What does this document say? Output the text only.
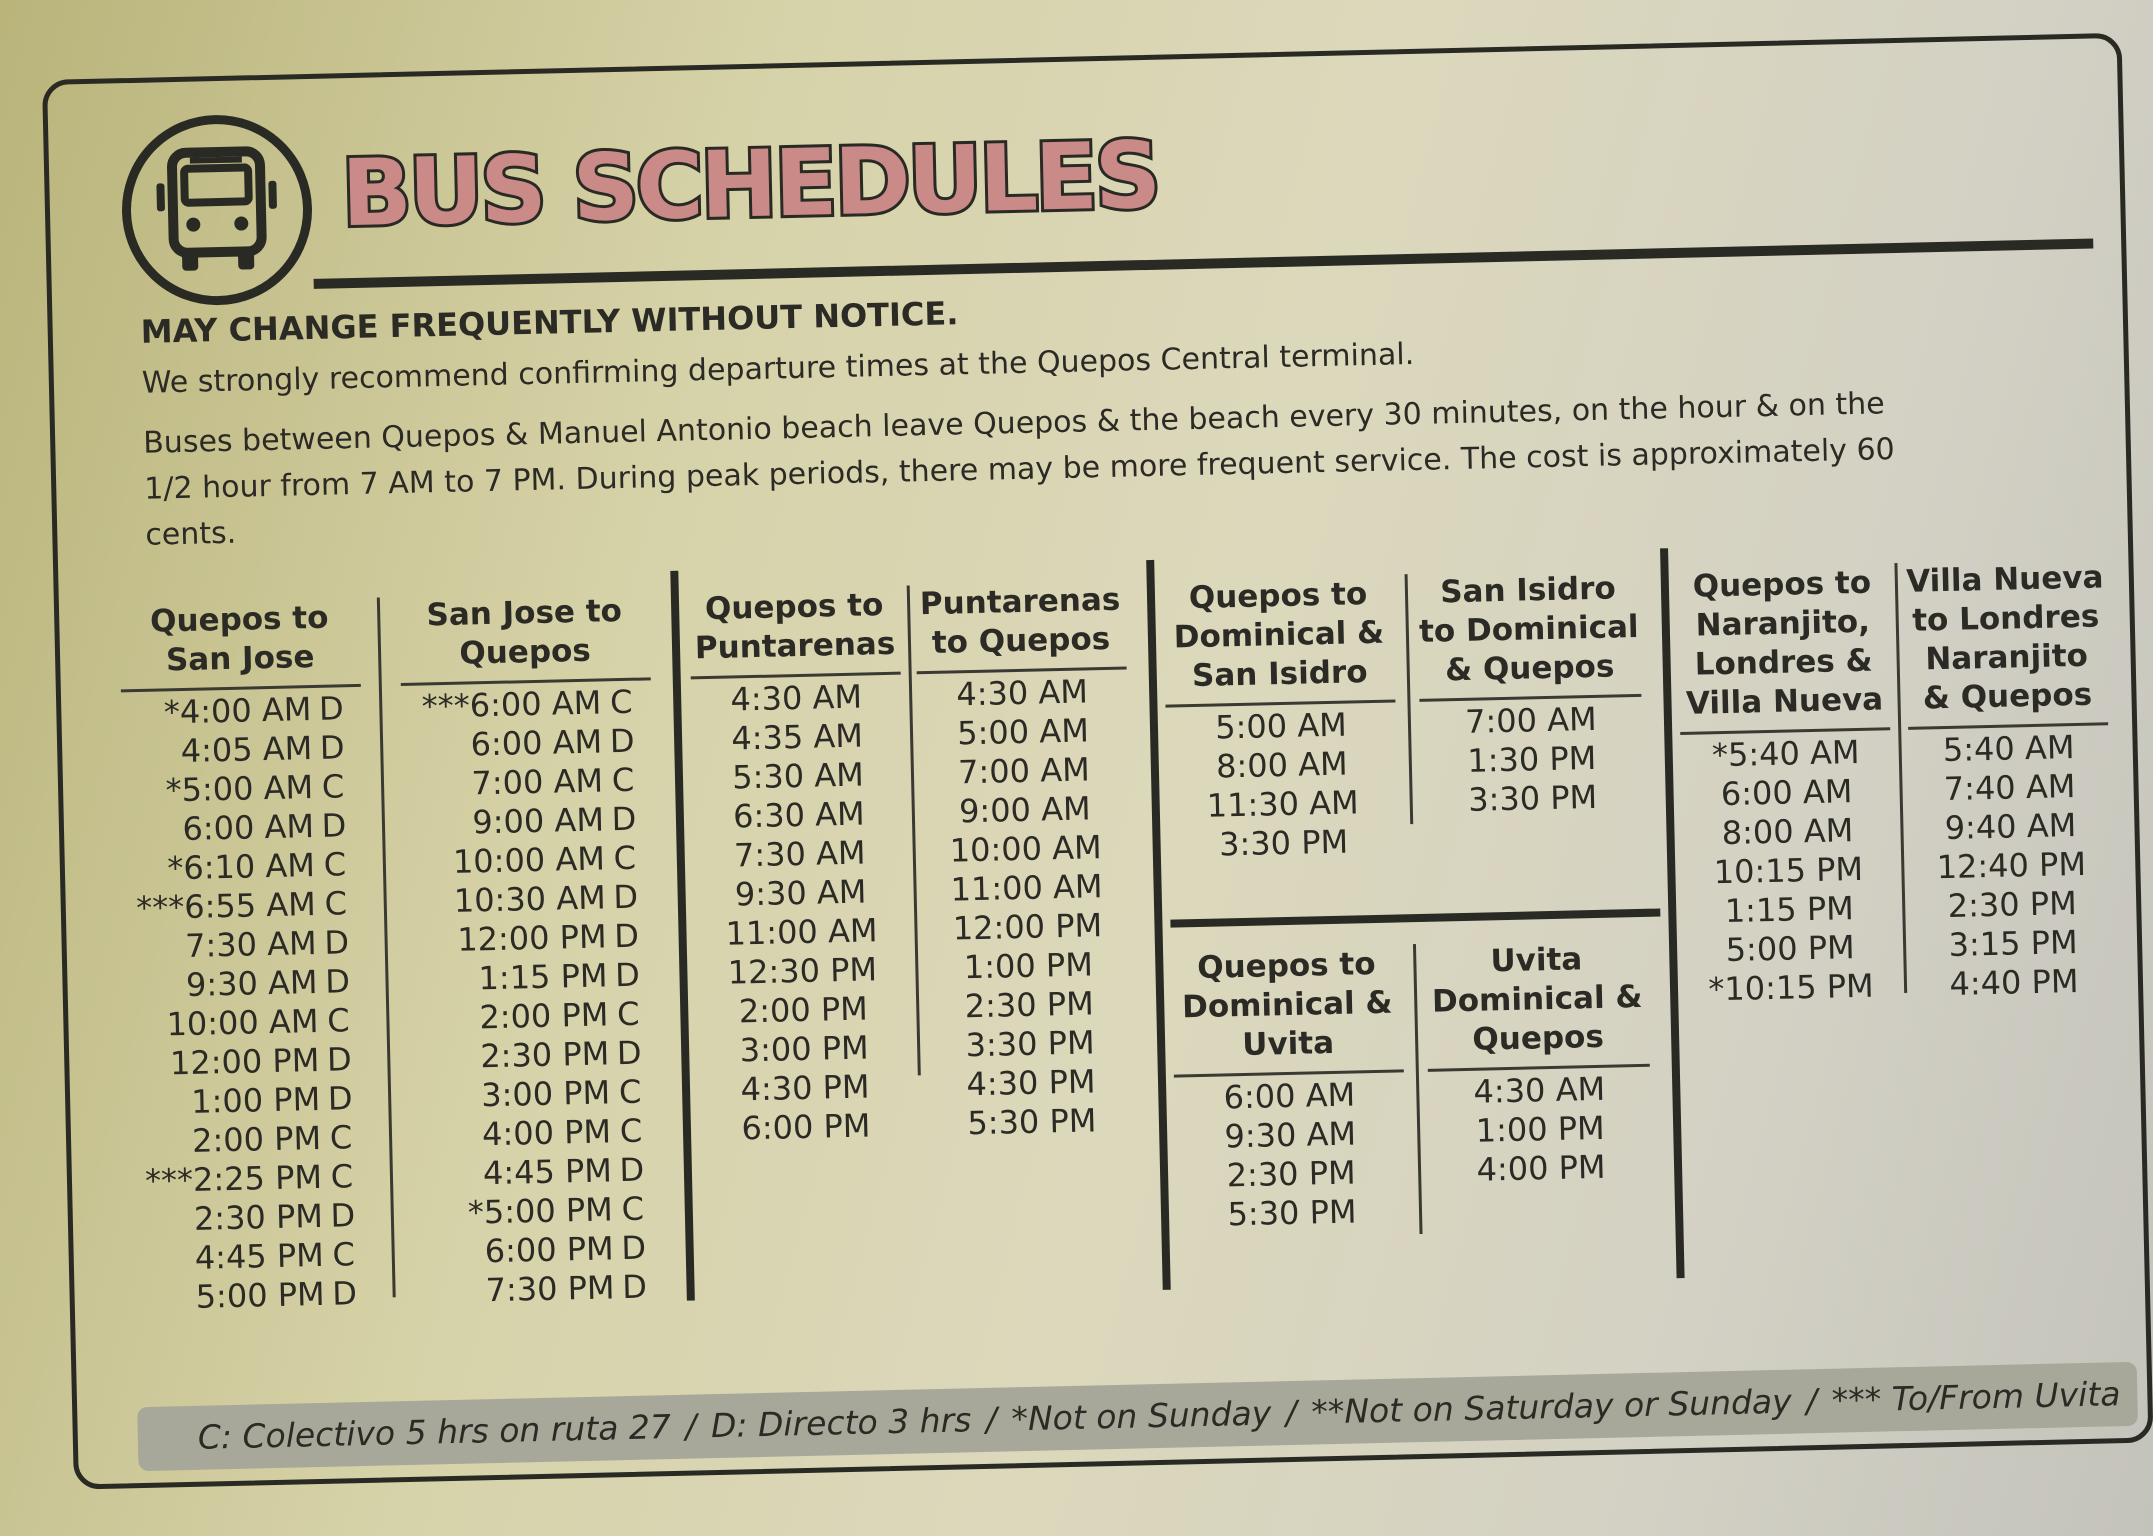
BUS SCHEDULES
MAY CHANGE FREQUENTLY WITHOUT NOTICE.

We strongly recommend confirming departure times at the Quepos Central terminal.

Buses between Quepos & Manuel Antonio beach leave Quepos & the beach every 30 minutes, on the hour & on the 1/2 hour from 7 AM to 7 PM. During peak periods, there may be more frequent service. The cost is approximately 60 cents.

Quepos to San Jose
*4:00 AM D
4:05 AM D
*5:00 AM C
6:00 AM D
*6:10 AM C
***6:55 AM C
7:30 AM D
9:30 AM D
10:00 AM C
12:00 PM D
1:00 PM D
2:00 PM C
***2:25 PM C
2:30 PM D
4:45 PM C
5:00 PM D
San Jose to Quepos
***6:00 AM C
6:00 AM D
7:00 AM C
9:00 AM D
10:00 AM C
10:30 AM D
12:00 PM D
1:15 PM D
2:00 PM C
2:30 PM D
3:00 PM C
4:00 PM C
4:45 PM D
*5:00 PM C
6:00 PM D
7:30 PM D
Quepos to Puntarenas
4:30 AM
4:35 AM
5:30 AM
6:30 AM
7:30 AM
9:30 AM
11:00 AM
12:30 PM
2:00 PM
3:00 PM
4:30 PM
6:00 PM
Puntarenas to Quepos
4:30 AM
5:00 AM
7:00 AM
9:00 AM
10:00 AM
11:00 AM
12:00 PM
1:00 PM
2:30 PM
3:30 PM
4:30 PM
5:30 PM
Quepos to Dominical & San Isidro
5:00 AM
8:00 AM
11:30 AM
3:30 PM
San Isidro to Dominical & Quepos
7:00 AM
1:30 PM
3:30 PM
Quepos to Dominical & Uvita
6:00 AM
9:30 AM
2:30 PM
5:30 PM
Uvita Dominical & Quepos
4:30 AM
1:00 PM
4:00 PM
Quepos to Naranjito, Londres & Villa Nueva
*5:40 AM
6:00 AM
8:00 AM
10:15 PM
1:15 PM
5:00 PM
*10:15 PM
Villa Nueva to Londres Naranjito & Quepos
5:40 AM
7:40 AM
9:40 AM
12:40 PM
2:30 PM
3:15 PM
4:40 PM
C: Colectivo 5 hrs on ruta 27 / D: Directo 3 hrs / *Not on Sunday / **Not on Saturday or Sunday / *** To/From Uvita
